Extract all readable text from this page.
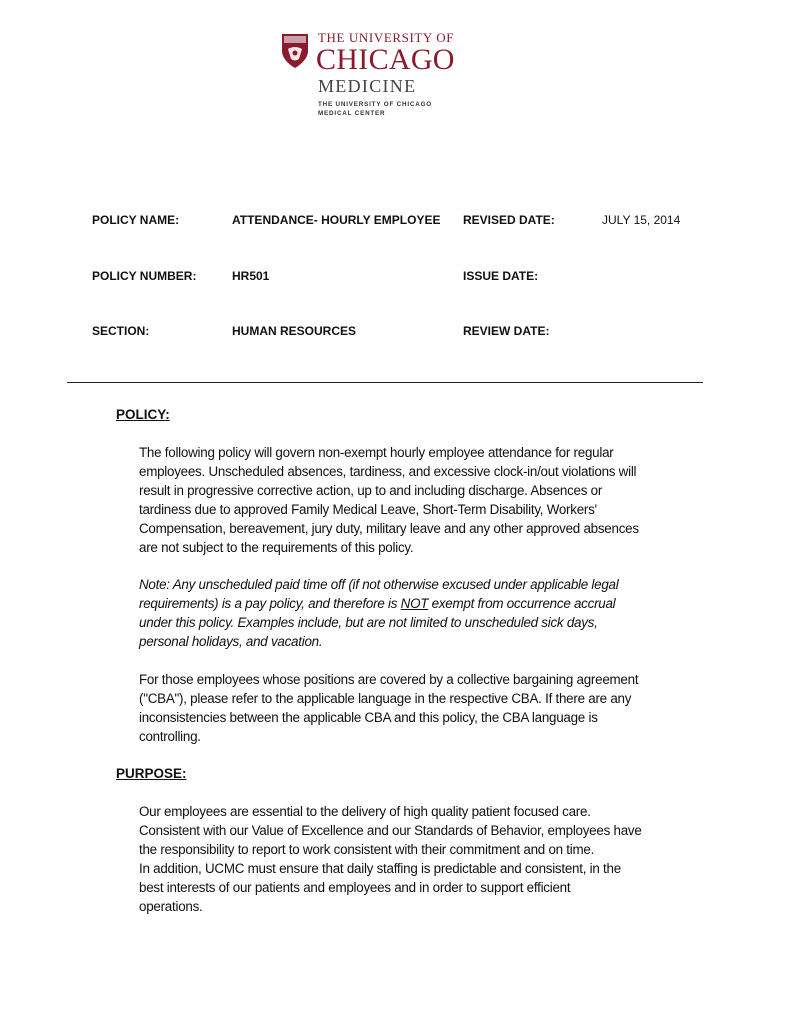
THE UNIVERSITY OF
CHICAGO
MEDICINE
THE UNIVERSITY OF CHICAGO
MEDICAL CENTER
POLICY NAME:	ATTENDANCE- HOURLY EMPLOYEE REVISED DATE:	JULY 15, 2014
POLICY NUMBER:	HR501	ISSUE DATE:
SECTION:	HUMAN RESOURCES	REVIEW DATE:
POLICY:
The following policy will govern non-exempt hourly employee attendance for regular
employees. Unscheduled absences, tardiness, and excessive clock-in/out violations will
result in progressive corrective action, up to and including discharge. Absences or
tardiness due to approved Family Medical Leave, Short-Term Disability, Workers'
Compensation, bereavement, jury duty, military leave and any other approved absences
are not subject to the requirements of this policy.
Note: Any unscheduled paid time off (if not otherwise excused under applicable legal
requirements) is a pay policy, and therefore is NOT exempt from occurrence accrual
under this policy. Examples include, but are not limited to unscheduled sick days,
personal holidays, and vacation.
For those employees whose positions are covered by a collective bargaining agreement
("CBA"), please refer to the applicable language in the respective CBA. If there are any
inconsistencies between the applicable CBA and this policy, the CBA language is
controlling.
PURPOSE:
Our employees are essential to the delivery of high quality patient focused care.
Consistent with our Value of Excellence and our Standards of Behavior, employees have
the responsibility to report to work consistent with their commitment and on time.
In addition, UCMC must ensure that daily staffing is predictable and consistent, in the
best interests of our patients and employees and in order to support efficient
operations.
